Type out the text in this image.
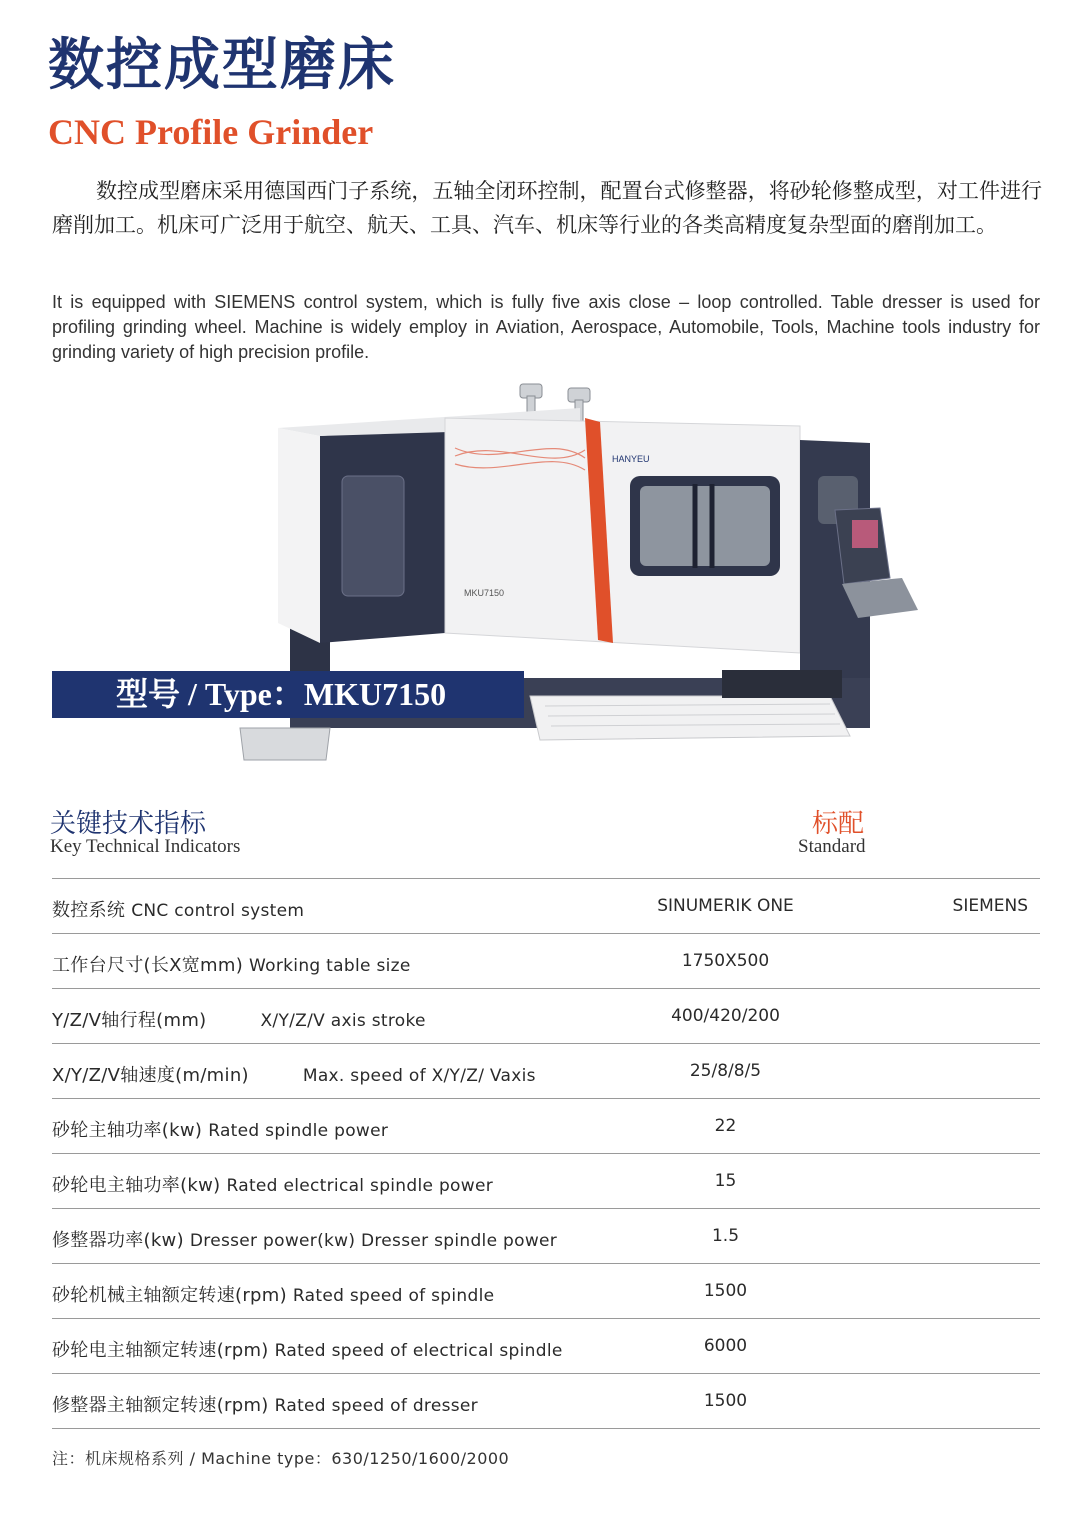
数控成型磨床
CNC Profile Grinder
数控成型磨床采用德国西门子系统，五轴全闭环控制，配置台式修整器，将砂轮修整成型，对工件进行磨削加工。机床可广泛用于航空、航天、工具、汽车、机床等行业的各类高精度复杂型面的磨削加工。
It is equipped with SIEMENS control system, which is fully five axis close – loop controlled. Table dresser is used for profiling grinding wheel. Machine is widely employ in Aviation, Aerospace, Automobile, Tools, Machine tools industry for grinding variety of high precision profile.
HANYEU
MKU7150
型号 / Type：MKU7150
关键技术指标
Key Technical Indicators
标配
Standard
数控系统 CNC control system	SINUMERIK ONE	SIEMENS
工作台尺寸(长X宽mm) Working table size	1750X500
Y/Z/V轴行程(mm)	X/Y/Z/V axis stroke	400/420/200
X/Y/Z/V轴速度(m/min)	Max. speed of X/Y/Z/ Vaxis	25/8/8/5
砂轮主轴功率(kw) Rated spindle power	22
砂轮电主轴功率(kw) Rated electrical spindle power	15
修整器功率(kw) Dresser power(kw) Dresser spindle power	1.5
砂轮机械主轴额定转速(rpm) Rated speed of spindle	1500
砂轮电主轴额定转速(rpm) Rated speed of electrical spindle	6000
修整器主轴额定转速(rpm) Rated speed of dresser	1500
注：机床规格系列 / Machine type：630/1250/1600/2000
